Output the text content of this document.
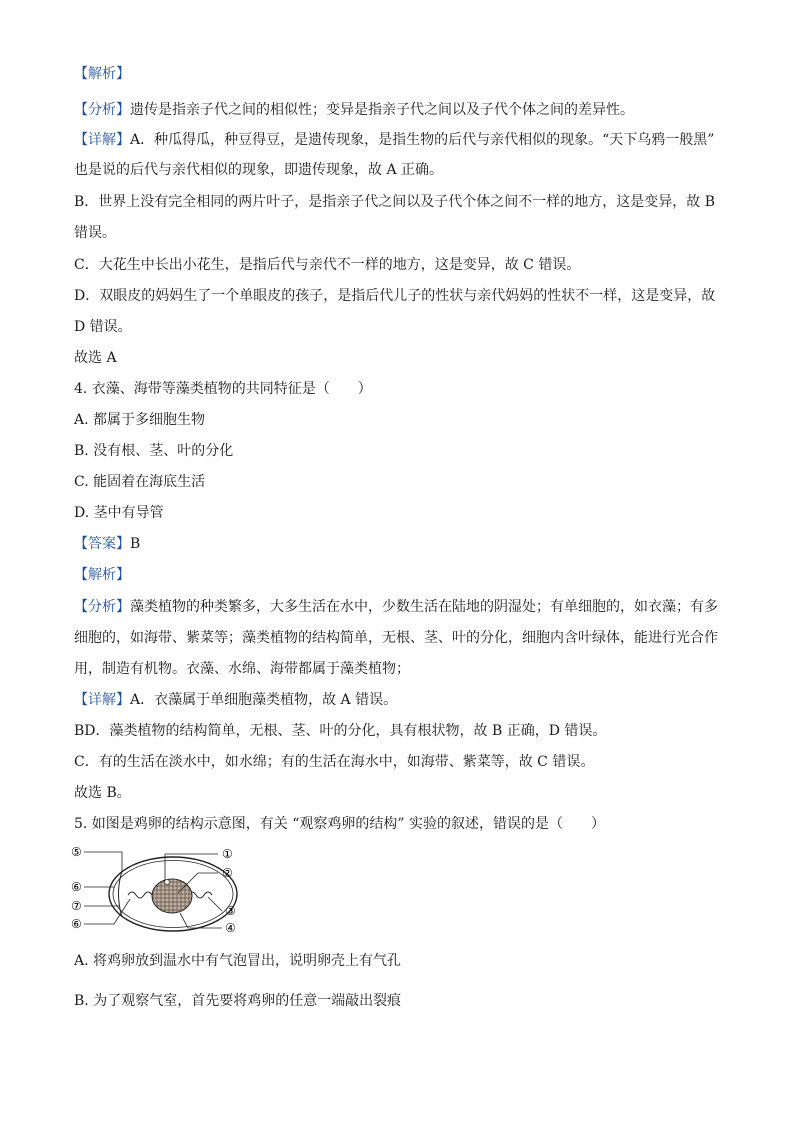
【解析】
【分析】遗传是指亲子代之间的相似性；变异是指亲子代之间以及子代个体之间的差异性。
【详解】A．种瓜得瓜，种豆得豆，是遗传现象，是指生物的后代与亲代相似的现象。“天下乌鸦一般黑”
也是说的后代与亲代相似的现象，即遗传现象，故 A 正确。
B．世界上没有完全相同的两片叶子，是指亲子代之间以及子代个体之间不一样的地方，这是变异，故 B
错误。
C．大花生中长出小花生，是指后代与亲代不一样的地方，这是变异，故 C 错误。
D．双眼皮的妈妈生了一个单眼皮的孩子，是指后代儿子的性状与亲代妈妈的性状不一样，这是变异，故
D 错误。
故选 A
4. 衣藻、海带等藻类植物的共同特征是（　　）
A. 都属于多细胞生物
B. 没有根、茎、叶的分化
C. 能固着在海底生活
D. 茎中有导管
【答案】B
【解析】
【分析】藻类植物的种类繁多，大多生活在水中，少数生活在陆地的阴湿处；有单细胞的，如衣藻；有多
细胞的，如海带、紫菜等；藻类植物的结构简单，无根、茎、叶的分化，细胞内含叶绿体，能进行光合作
用，制造有机物。衣藻、水绵、海带都属于藻类植物；
【详解】A．衣藻属于单细胞藻类植物，故 A 错误。
BD．藻类植物的结构简单，无根、茎、叶的分化，具有根状物，故 B 正确，D 错误。
C．有的生活在淡水中，如水绵；有的生活在海水中，如海带、紫菜等，故 C 错误。
故选 B。
5. 如图是鸡卵的结构示意图，有关 “观察鸡卵的结构” 实验的叙述，错误的是（　　）
⑤
⑥
⑦
⑥
①
②
③
④
A. 将鸡卵放到温水中有气泡冒出，说明卵壳上有气孔
B. 为了观察气室，首先要将鸡卵的任意一端敲出裂痕
